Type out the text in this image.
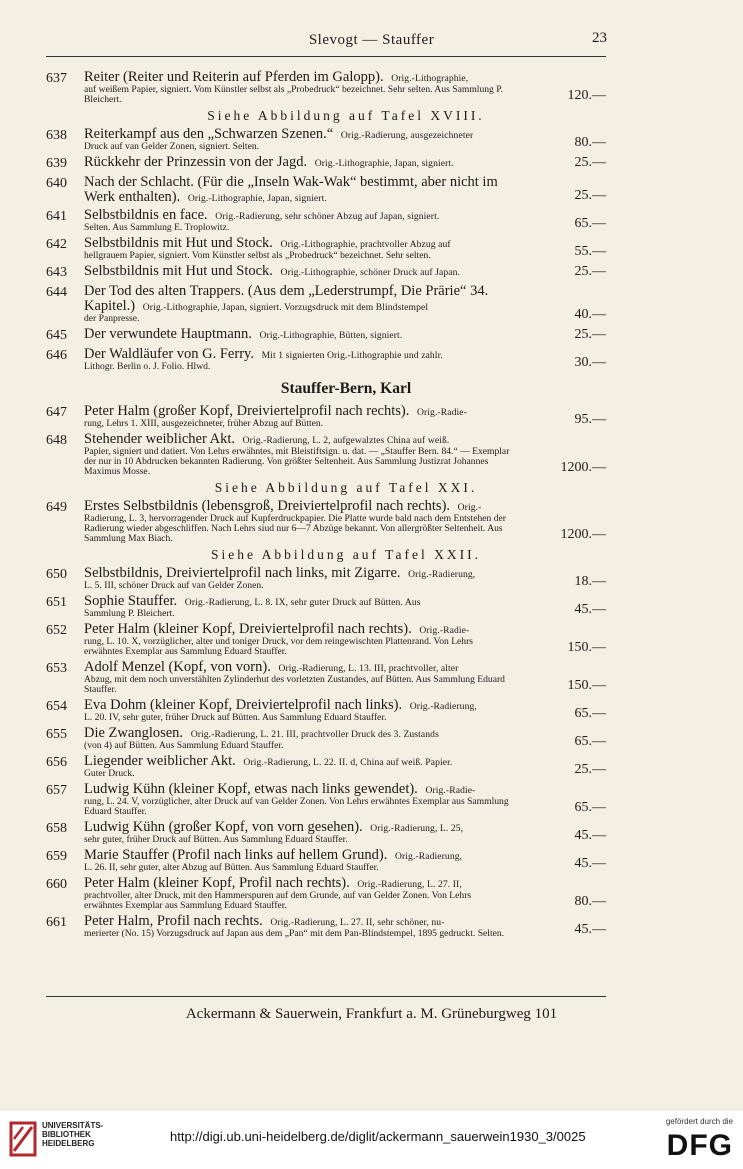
Slevogt — Stauffer	23
637	Reiter (Reiter und Reiterin auf Pferden im Galopp). Orig.-Lithographie,
auf weißem Papier, signiert. Vom Künstler selbst als „Probedruck“ bezeichnet. Sehr selten. Aus Sammlung P. Bleichert.	120.—
Siehe Abbildung auf Tafel XVIII.
638	Reiterkampf aus den „Schwarzen Szenen.“ Orig.-Radierung, ausgezeichneter
Druck auf van Gelder Zonen, signiert. Selten.	80.—
639	Rückkehr der Prinzessin von der Jagd. Orig.-Lithographie, Japan, signiert.	25.—
640	Nach der Schlacht. (Für die „Inseln Wak-Wak“ bestimmt, aber nicht im Werk enthalten). Orig.-Lithographie, Japan, signiert.	25.—
641	Selbstbildnis en face. Orig.-Radierung, sehr schöner Abzug auf Japan, signiert.
Selten. Aus Sammlung E. Troplowitz.	65.—
642	Selbstbildnis mit Hut und Stock. Orig.-Lithographie, prachtvoller Abzug auf
hellgrauem Papier, signiert. Vom Künstler selbst als „Probedruck“ bezeichnet. Sehr selten.	55.—
643	Selbstbildnis mit Hut und Stock. Orig.-Lithographie, schöner Druck auf Japan.	25.—
644	Der Tod des alten Trappers. (Aus dem „Lederstrumpf, Die Prärie“ 34. Kapitel.) Orig.-Lithographie, Japan, signiert. Vorzugsdruck mit dem Blindstempel
der Panpresse.	40.—
645	Der verwundete Hauptmann. Orig.-Lithographie, Bütten, signiert.	25.—
646	Der Waldläufer von G. Ferry. Mit 1 signierten Orig.-Lithographie und zahlr.
Lithogr. Berlin o. J. Folio. Hlwd.	30.—
Stauffer-Bern, Karl
647	Peter Halm (großer Kopf, Dreiviertelprofil nach rechts). Orig.-Radie-
rung, Lehrs 1. XIII, ausgezeichneter, früher Abzug auf Bütten.	95.—
648	Stehender weiblicher Akt. Orig.-Radierung, L. 2, aufgewalztes China auf weiß.
Papier, signiert und datiert. Von Lehrs erwähntes, mit Bleistiftsign. u. dat. — „Stauffer Bern. 84.“ — Exemplar der nur in 10 Abdrucken bekannten Radierung. Von größter Seltenheit. Aus Sammlung Justizrat Johannes Maximus Mosse.	1200.—
Siehe Abbildung auf Tafel XXI.
649	Erstes Selbstbildnis (lebensgroß, Dreiviertelprofil nach rechts). Orig.-
Radierung, L. 3, hervorragender Druck auf Kupferdruckpapier. Die Platte wurde bald nach dem Entstehen der Radierung wieder abgeschliffen. Nach Lehrs siud nur 6—7 Abzüge bekannt. Von allergrößter Seltenheit. Aus Sammlung Max Biach.	1200.—
Siehe Abbildung auf Tafel XXII.
650	Selbstbildnis, Dreiviertelprofil nach links, mit Zigarre. Orig.-Radierung,
L. 5. III, schöner Druck auf van Gelder Zonen.	18.—
651	Sophie Stauffer. Orig.-Radierung, L. 8. IX, sehr guter Druck auf Bütten. Aus
Sammlung P. Bleichert.	45.—
652	Peter Halm (kleiner Kopf, Dreiviertelprofil nach rechts). Orig.-Radie-
rung, L. 10. X, vorzüglicher, alter und toniger Druck, vor dem reingewischten Plattenrand. Von Lehrs erwähntes Exemplar aus Sammlung Eduard Stauffer.	150.—
653	Adolf Menzel (Kopf, von vorn). Orig.-Radierung, L. 13. III, prachtvoller, alter
Abzug, mit dem noch unverstählten Zylinderhut des vorletzten Zustandes, auf Bütten. Aus Sammlung Eduard Stauffer.	150.—
654	Eva Dohm (kleiner Kopf, Dreiviertelprofil nach links). Orig.-Radierung,
L. 20. IV, sehr guter, früher Druck auf Bütten. Aus Sammlung Eduard Stauffer.	65.—
655	Die Zwanglosen. Orig.-Radierung, L. 21. III, prachtvoller Druck des 3. Zustands
(von 4) auf Bütten. Aus Sammlung Eduard Stauffer.	65.—
656	Liegender weiblicher Akt. Orig.-Radierung, L. 22. II. d, China auf weiß. Papier.
Guter Druck.	25.—
657	Ludwig Kühn (kleiner Kopf, etwas nach links gewendet). Orig.-Radie-
rung, L. 24. V, vorzüglicher, alter Druck auf van Gelder Zonen. Von Lehrs erwähntes Exemplar aus Sammlung Eduard Stauffer.	65.—
658	Ludwig Kühn (großer Kopf, von vorn gesehen). Orig.-Radierung, L. 25,
sehr guter, früher Druck auf Bütten. Aus Sammlung Eduard Stauffer.	45.—
659	Marie Stauffer (Profil nach links auf hellem Grund). Orig.-Radierung,
L. 26. II, sehr guter, alter Abzug auf Bütten. Aus Sammlung Eduard Stauffer.	45.—
660	Peter Halm (kleiner Kopf, Profil nach rechts). Orig.-Radierung, L. 27. II,
prachtvoller, alter Druck, mit den Hammerspuren auf dem Grunde, auf van Gelder Zonen. Von Lehrs erwähntes Exemplar aus Sammlung Eduard Stauffer.	80.—
661	Peter Halm, Profil nach rechts. Orig.-Radierung, L. 27. II, sehr schöner, nu-
merierter (No. 15) Vorzugsdruck auf Japan aus dem „Pan“ mit dem Pan-Blindstempel, 1895 gedruckt. Selten.	45.—
Ackermann & Sauerwein, Frankfurt a. M. Grüneburgweg 101
UNIVERSITÄTS-
BIBLIOTHEK
HEIDELBERG	http://digi.ub.uni-heidelberg.de/diglit/ackermann_sauerwein1930_3/0025
gefördert durch die
DFG
